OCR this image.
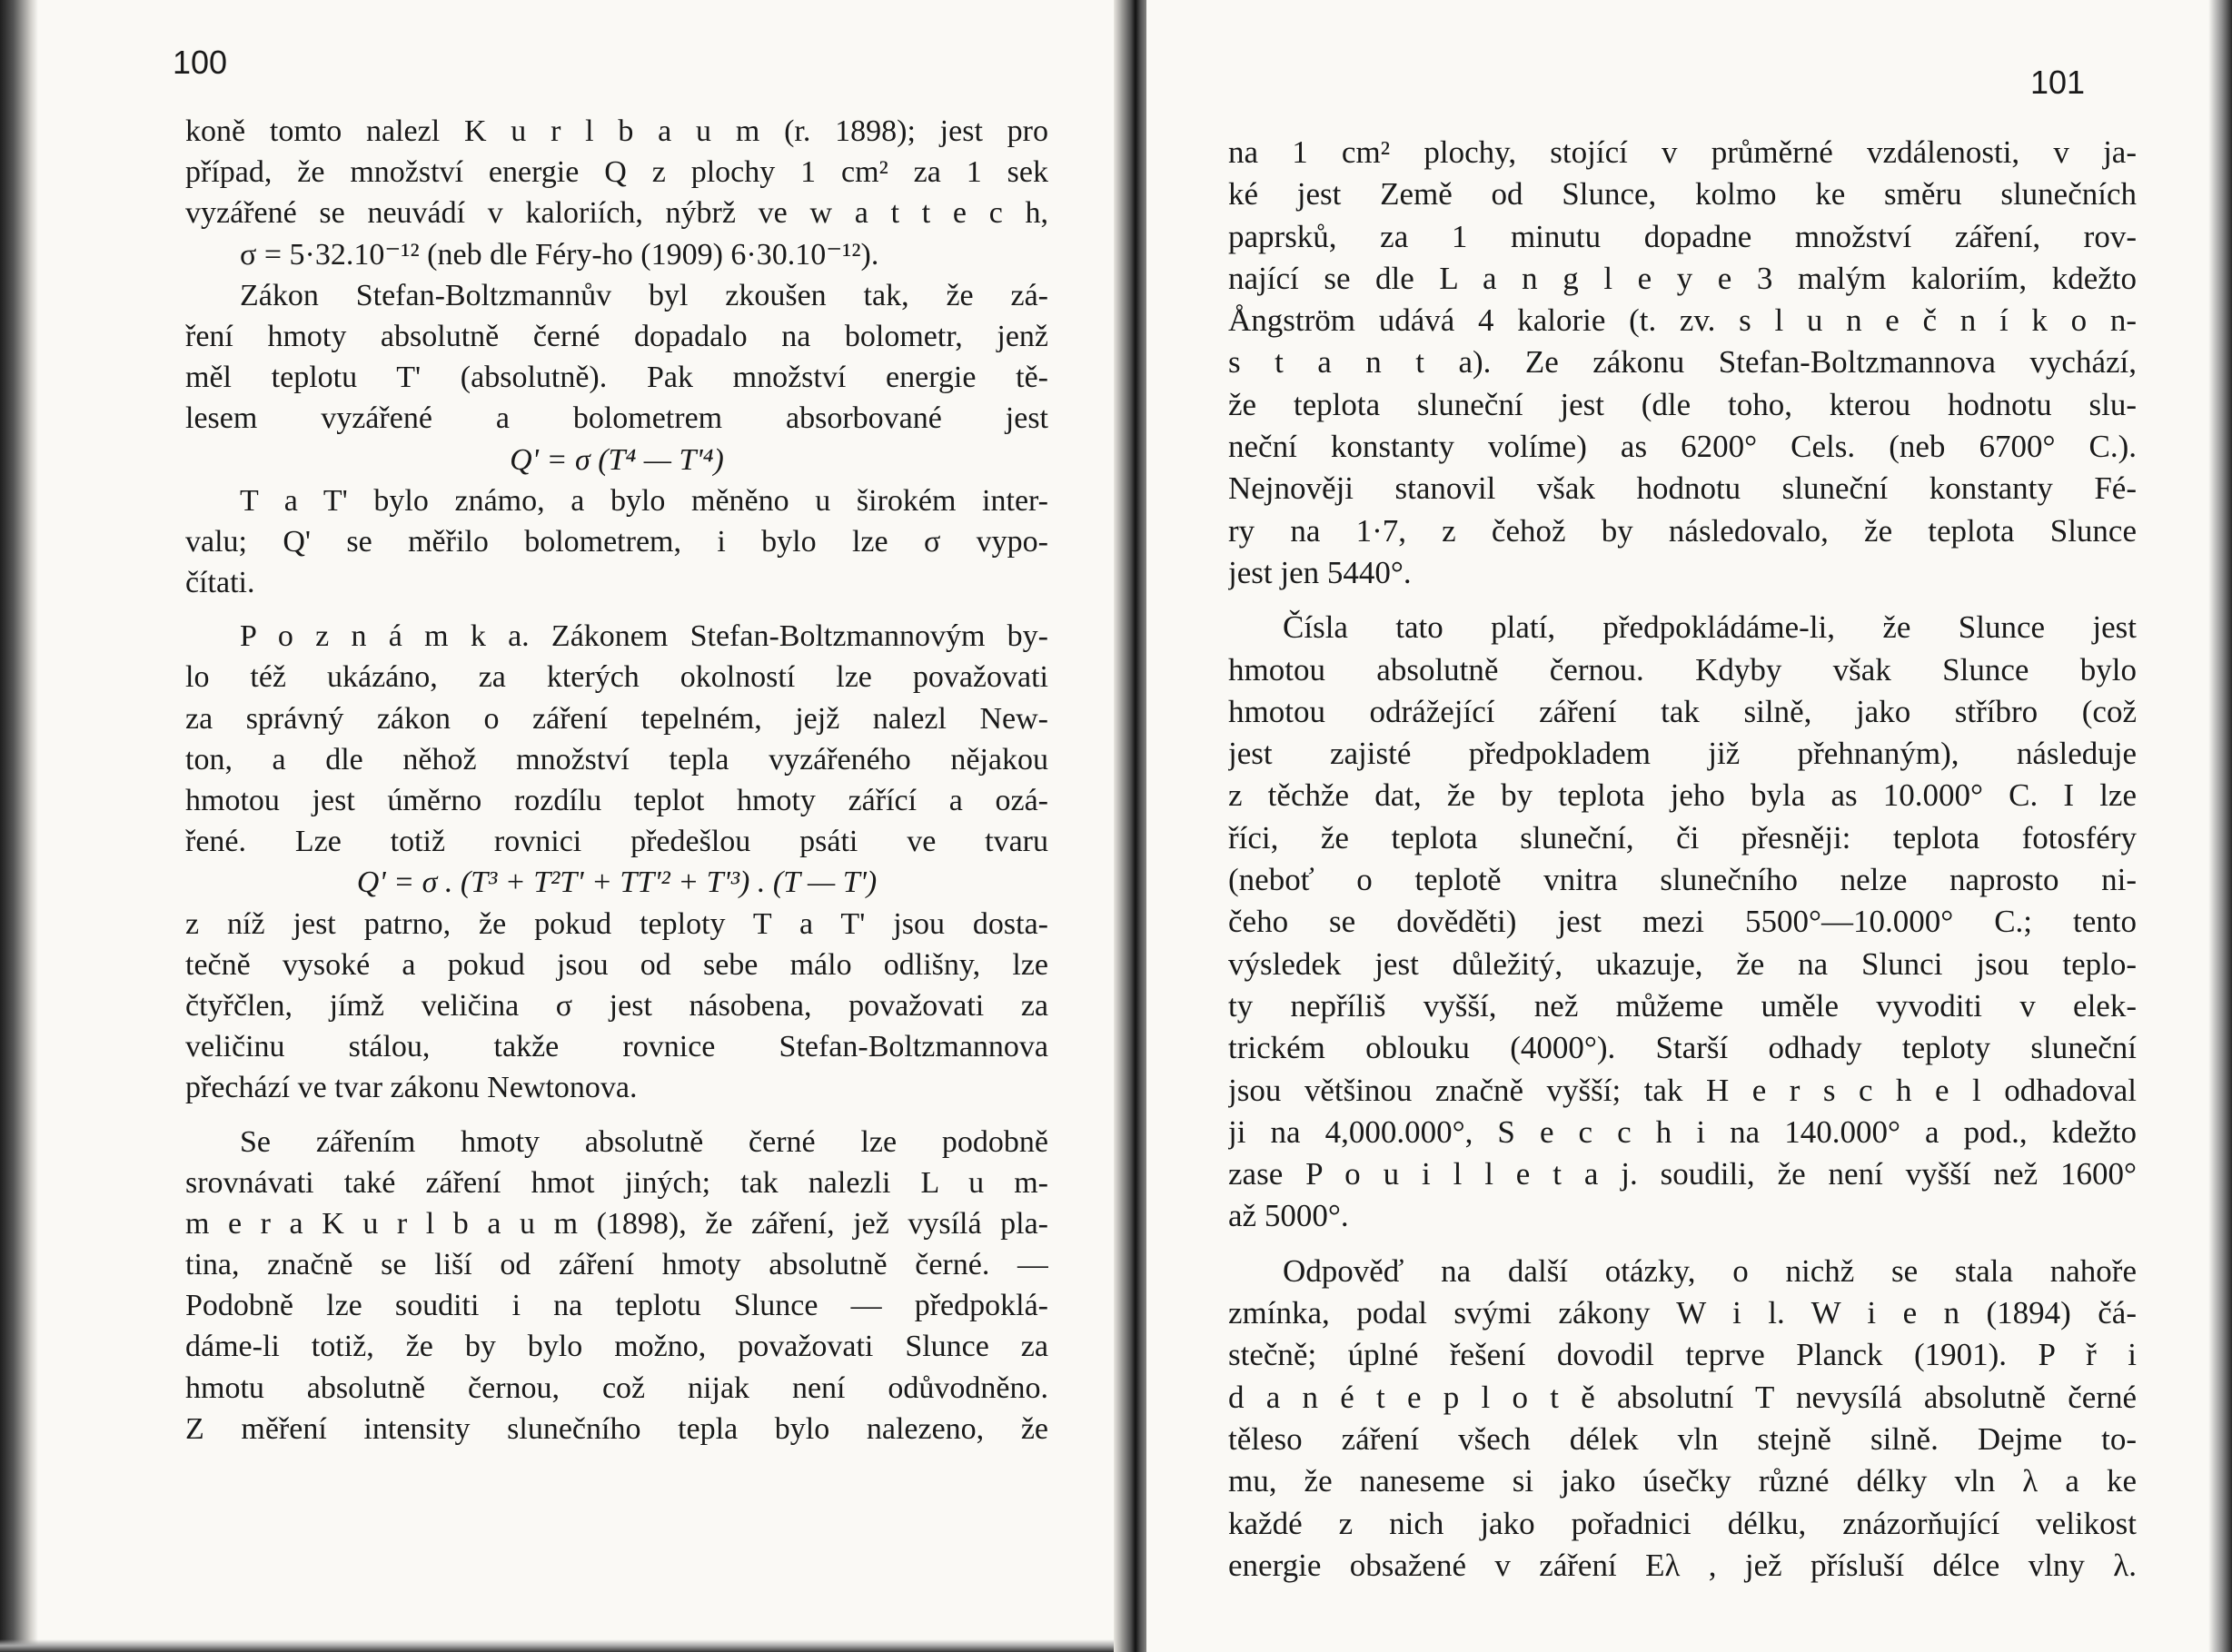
100
koně tomto nalezl K u r l b a u m (r. 1898); jest pro
případ, že množství energie Q z plochy 1 cm² za 1 sek
vyzářené se neuvádí v kaloriích, nýbrž ve w a t t e c h,
σ = 5·32.10⁻¹² (neb dle Féry-ho (1909) 6·30.10⁻¹²).
Zákon Stefan-Boltzmannův byl zkoušen tak, že zá-
ření hmoty absolutně černé dopadalo na bolometr, jenž
měl teplotu T' (absolutně). Pak množství energie tě-
lesem vyzářené a bolometrem absorbované jest
Q' = σ (T⁴ — T'⁴)
T a T' bylo známo, a bylo měněno u širokém inter-
valu; Q' se měřilo bolometrem, i bylo lze σ vypo-
čítati.
P o z n á m k a. Zákonem Stefan-Boltzmannovým by-
lo též ukázáno, za kterých okolností lze považovati
za správný zákon o záření tepelném, jejž nalezl New-
ton, a dle něhož množství tepla vyzářeného nějakou
hmotou jest úměrno rozdílu teplot hmoty zářící a ozá-
řené. Lze totiž rovnici předešlou psáti ve tvaru
Q' = σ . (T³ + T²T' + TT'² + T'³) . (T — T')
z níž jest patrno, že pokud teploty T a T' jsou dosta-
tečně vysoké a pokud jsou od sebe málo odlišny, lze
čtyřčlen, jímž veličina σ jest násobena, považovati za
veličinu stálou, takže rovnice Stefan-Boltzmannova
přechází ve tvar zákonu Newtonova.
Se zářením hmoty absolutně černé lze podobně
srovnávati také záření hmot jiných; tak nalezli L u m-
m e r a K u r l b a u m (1898), že záření, jež vysílá pla-
tina, značně se liší od záření hmoty absolutně černé. —
Podobně lze souditi i na teplotu Slunce — předpoklá-
dáme-li totiž, že by bylo možno, považovati Slunce za
hmotu absolutně černou, což nijak není odůvodněno.
Z měření intensity slunečního tepla bylo nalezeno, že
101
na 1 cm² plochy, stojící v průměrné vzdálenosti, v ja-
ké jest Země od Slunce, kolmo ke směru slunečních
paprsků, za 1 minutu dopadne množství záření, rov-
nající se dle L a n g l e y e 3 malým kaloriím, kdežto
Ångström udává 4 kalorie (t. zv. s l u n e č n í k o n-
s t a n t a). Ze zákonu Stefan-Boltzmannova vychází,
že teplota sluneční jest (dle toho, kterou hodnotu slu-
neční konstanty volíme) as 6200° Cels. (neb 6700° C.).
Nejnověji stanovil však hodnotu sluneční konstanty Fé-
ry na 1·7, z čehož by následovalo, že teplota Slunce
jest jen 5440°.
Čísla tato platí, předpokládáme-li, že Slunce jest
hmotou absolutně černou. Kdyby však Slunce bylo
hmotou odrážející záření tak silně, jako stříbro (což
jest zajisté předpokladem již přehnaným), následuje
z těchže dat, že by teplota jeho byla as 10.000° C. I lze
říci, že teplota sluneční, či přesněji: teplota fotosféry
(neboť o teplotě vnitra slunečního nelze naprosto ni-
čeho se dověděti) jest mezi 5500°—10.000° C.; tento
výsledek jest důležitý, ukazuje, že na Slunci jsou teplo-
ty nepříliš vyšší, než můžeme uměle vyvoditi v elek-
trickém oblouku (4000°). Starší odhady teploty sluneční
jsou většinou značně vyšší; tak H e r s c h e l odhadoval
ji na 4,000.000°, S e c c h i na 140.000° a pod., kdežto
zase P o u i l l e t a j. soudili, že není vyšší než 1600°
až 5000°.
Odpověď na další otázky, o nichž se stala nahoře
zmínka, podal svými zákony W i l. W i e n (1894) čá-
stečně; úplné řešení dovodil teprve Planck (1901). P ř i
d a n é t e p l o t ě absolutní T nevysílá absolutně černé
těleso záření všech délek vln stejně silně. Dejme to-
mu, že naneseme si jako úsečky různé délky vln λ a ke
každé z nich jako pořadnici délku, znázorňující velikost
energie obsažené v záření Eλ , jež přísluší délce vlny λ.
